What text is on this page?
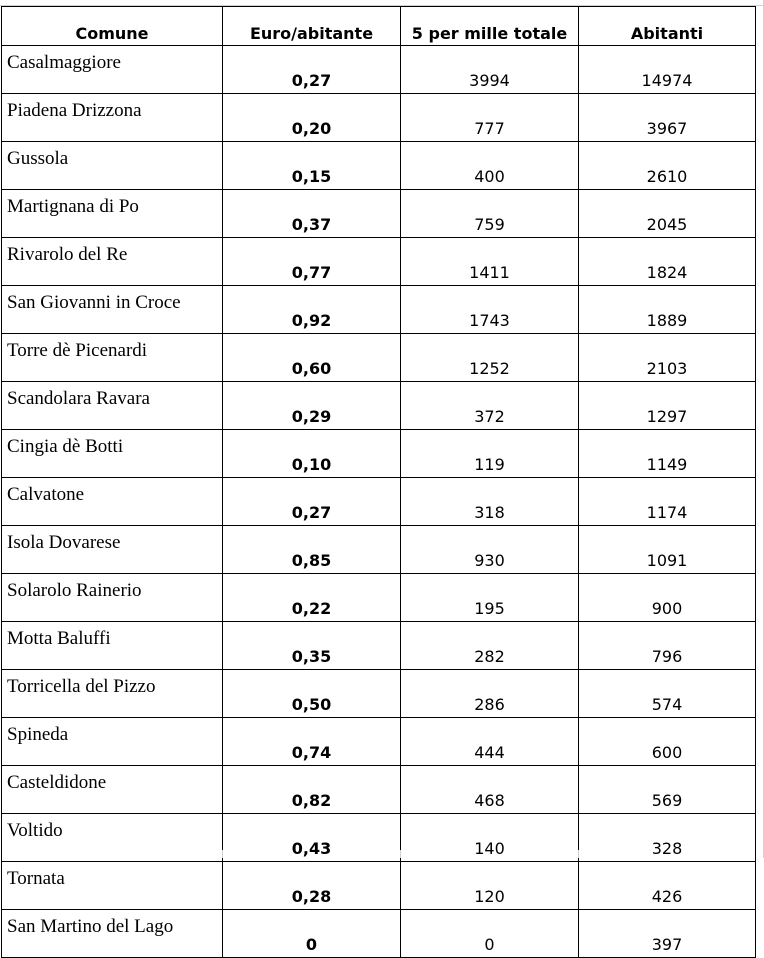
Comune	Euro/abitante	5 per mille totale	Abitanti
Casalmaggiore	0,27	3994	14974
Piadena Drizzona	0,20	777	3967
Gussola	0,15	400	2610
Martignana di Po	0,37	759	2045
Rivarolo del Re	0,77	1411	1824
San Giovanni in Croce	0,92	1743	1889
Torre dè Picenardi	0,60	1252	2103
Scandolara Ravara	0,29	372	1297
Cingia dè Botti	0,10	119	1149
Calvatone	0,27	318	1174
Isola Dovarese	0,85	930	1091
Solarolo Rainerio	0,22	195	900
Motta Baluffi	0,35	282	796
Torricella del Pizzo	0,50	286	574
Spineda	0,74	444	600
Casteldidone	0,82	468	569
Voltido	0,43	140	328
Tornata	0,28	120	426
San Martino del Lago	0	0	397
